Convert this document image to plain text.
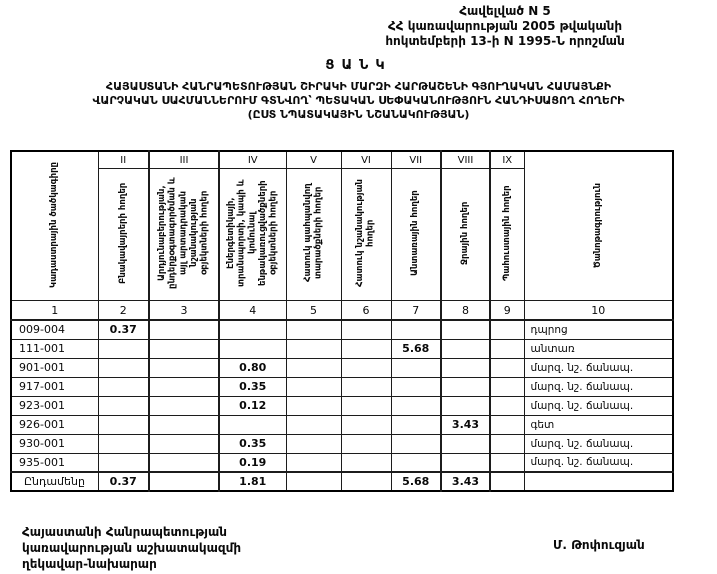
Հավելված N 5
ՀՀ կառավարության 2005 թվականի
հոկտեմբերի 13-ի N 1995-Ն որոշման
ՑԱՆԿ
ՀԱՅԱՍՏԱՆԻ ՀԱՆՐԱՊԵՏՈՒԹՅԱՆ ՇԻՐԱԿԻ ՄԱՐԶԻ ՀԱՐԹԱՇԵՆԻ ԳՅՈՒՂԱԿԱՆ ՀԱՄԱՅՆՔԻ
ՎԱՐՉԱԿԱՆ ՍԱՀՄԱՆՆԵՐՈՒՄ ԳՏՆՎՈՂ՝ ՊԵՏԱԿԱՆ ՍԵՓԱԿԱՆՈՒԹՅՈՒՆ ՀԱՆԴԻՍԱՑՈՂ ՀՈՂԵՐԻ
(ԸՍՏ ՆՊԱՏԱԿԱՅԻՆ ՆՇԱՆԱԿՈՒԹՅԱՆ)
Կադաստրային ծածկագիրը	II	III	IV	V	VI	VII	VIII	IX	Ծանոթագրություն
	Բնակավայրերի հողեր	Արդյունաբերության, ընդերքօգտագործման և այլ արտադրական նշանակության օբյեկտների հողեր	Էներգետիկայի, տրանսպորտի, կապի և կոմունալ ենթակառուցվածքների օբյեկտների հողեր	Հատուկ պահպանվող տարածքների հողեր	Հատուկ նշանակության հողեր	Անտառային հողեր	Ջրային հողեր	Պահուստային հողեր	
1	2	3	4	5	6	7	8	9	10
009-004	0.37								դպրոց
111-001						5.68			անտառ
901-001			0.80						մարզ. նշ. ճանապ.
917-001			0.35						մարզ. նշ. ճանապ.
923-001			0.12						մարզ. նշ. ճանապ.
926-001							3.43		գետ
930-001			0.35						մարզ. նշ. ճանապ.
935-001			0.19						մարզ. նշ. ճանապ.
Ընդամենը	0.37		1.81			5.68	3.43		
Հայաստանի Հանրապետության
կառավարության աշխատակազմի
ղեկավար-նախարար
Մ. Թոփուզյան
